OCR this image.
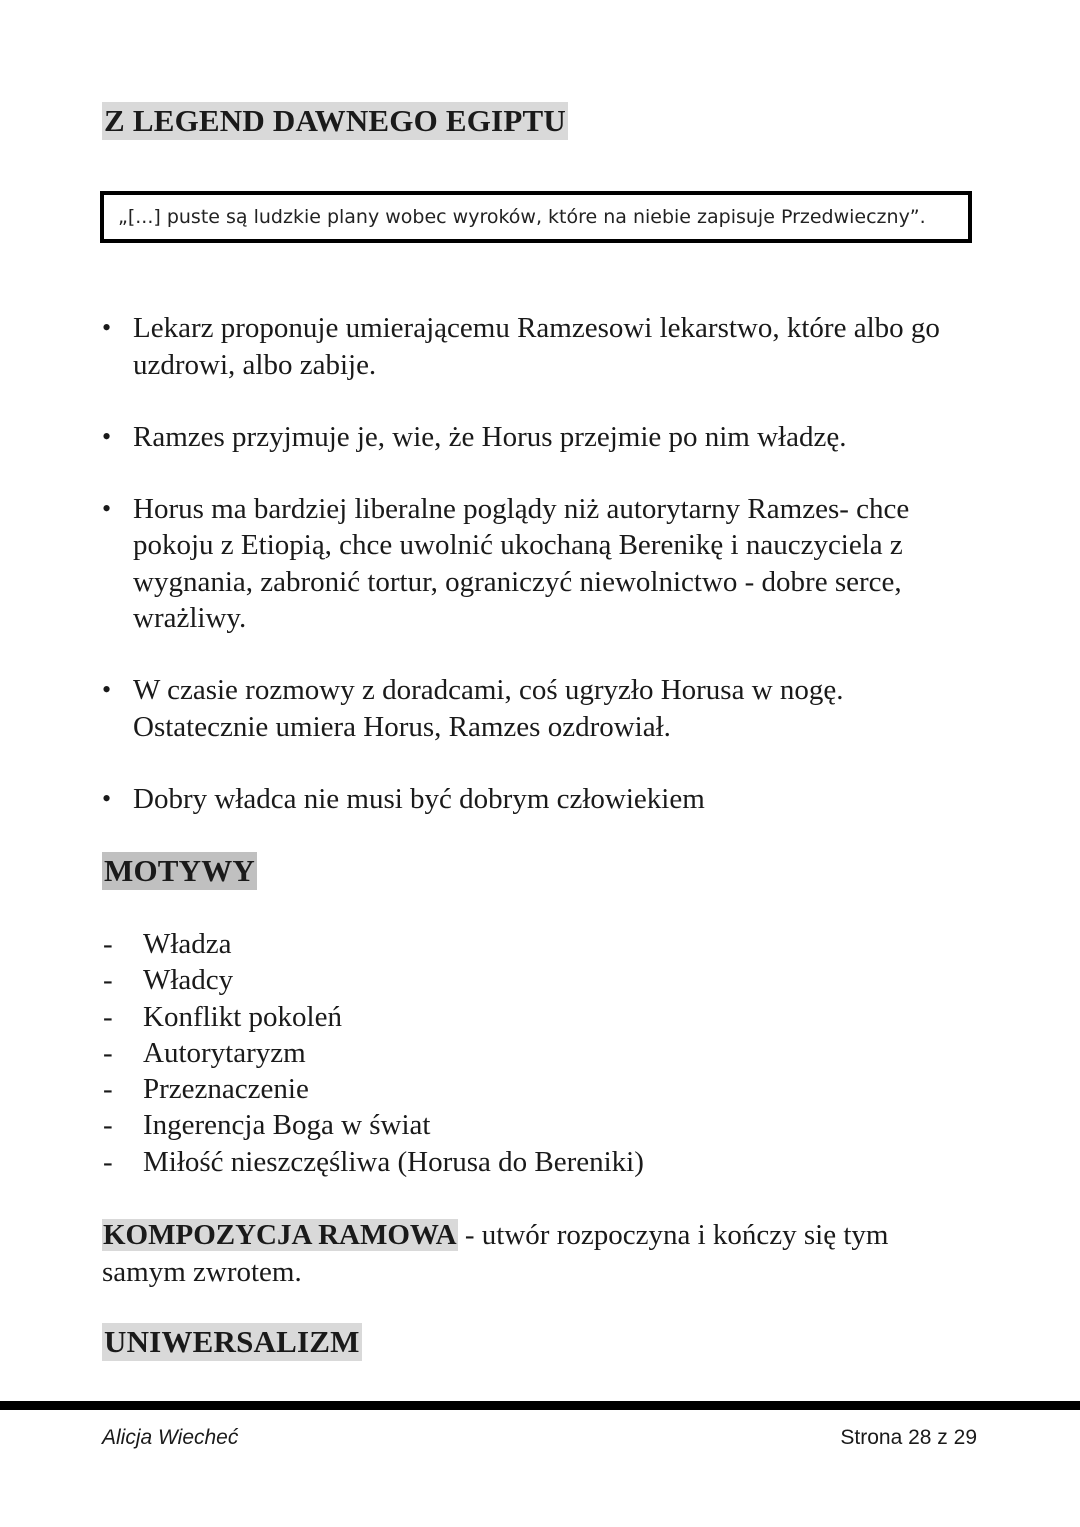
Z LEGEND DAWNEGO EGIPTU
„[...] puste są ludzkie plany wobec wyroków, które na niebie zapisuje Przedwieczny”.
• Lekarz proponuje umierającemu Ramzesowi lekarstwo, które albo go uzdrowi, albo zabije.
• Ramzes przyjmuje je, wie, że Horus przejmie po nim władzę.
• Horus ma bardziej liberalne poglądy niż autorytarny Ramzes- chce pokoju z Etiopią, chce uwolnić ukochaną Berenikę i nauczyciela z wygnania, zabronić tortur, ograniczyć niewolnictwo - dobre serce, wrażliwy.
• W czasie rozmowy z doradcami, coś ugryzło Horusa w nogę. Ostatecznie umiera Horus, Ramzes ozdrowiał.
• Dobry władca nie musi być dobrym człowiekiem
MOTYWY
- Władza
- Władcy
- Konflikt pokoleń
- Autorytaryzm
- Przeznaczenie
- Ingerencja Boga w świat
- Miłość nieszczęśliwa (Horusa do Bereniki)
KOMPOZYCJA RAMOWA - utwór rozpoczyna i kończy się tym samym zwrotem.
UNIWERSALIZM
Alicja Wiecheć	Strona 28 z 29
